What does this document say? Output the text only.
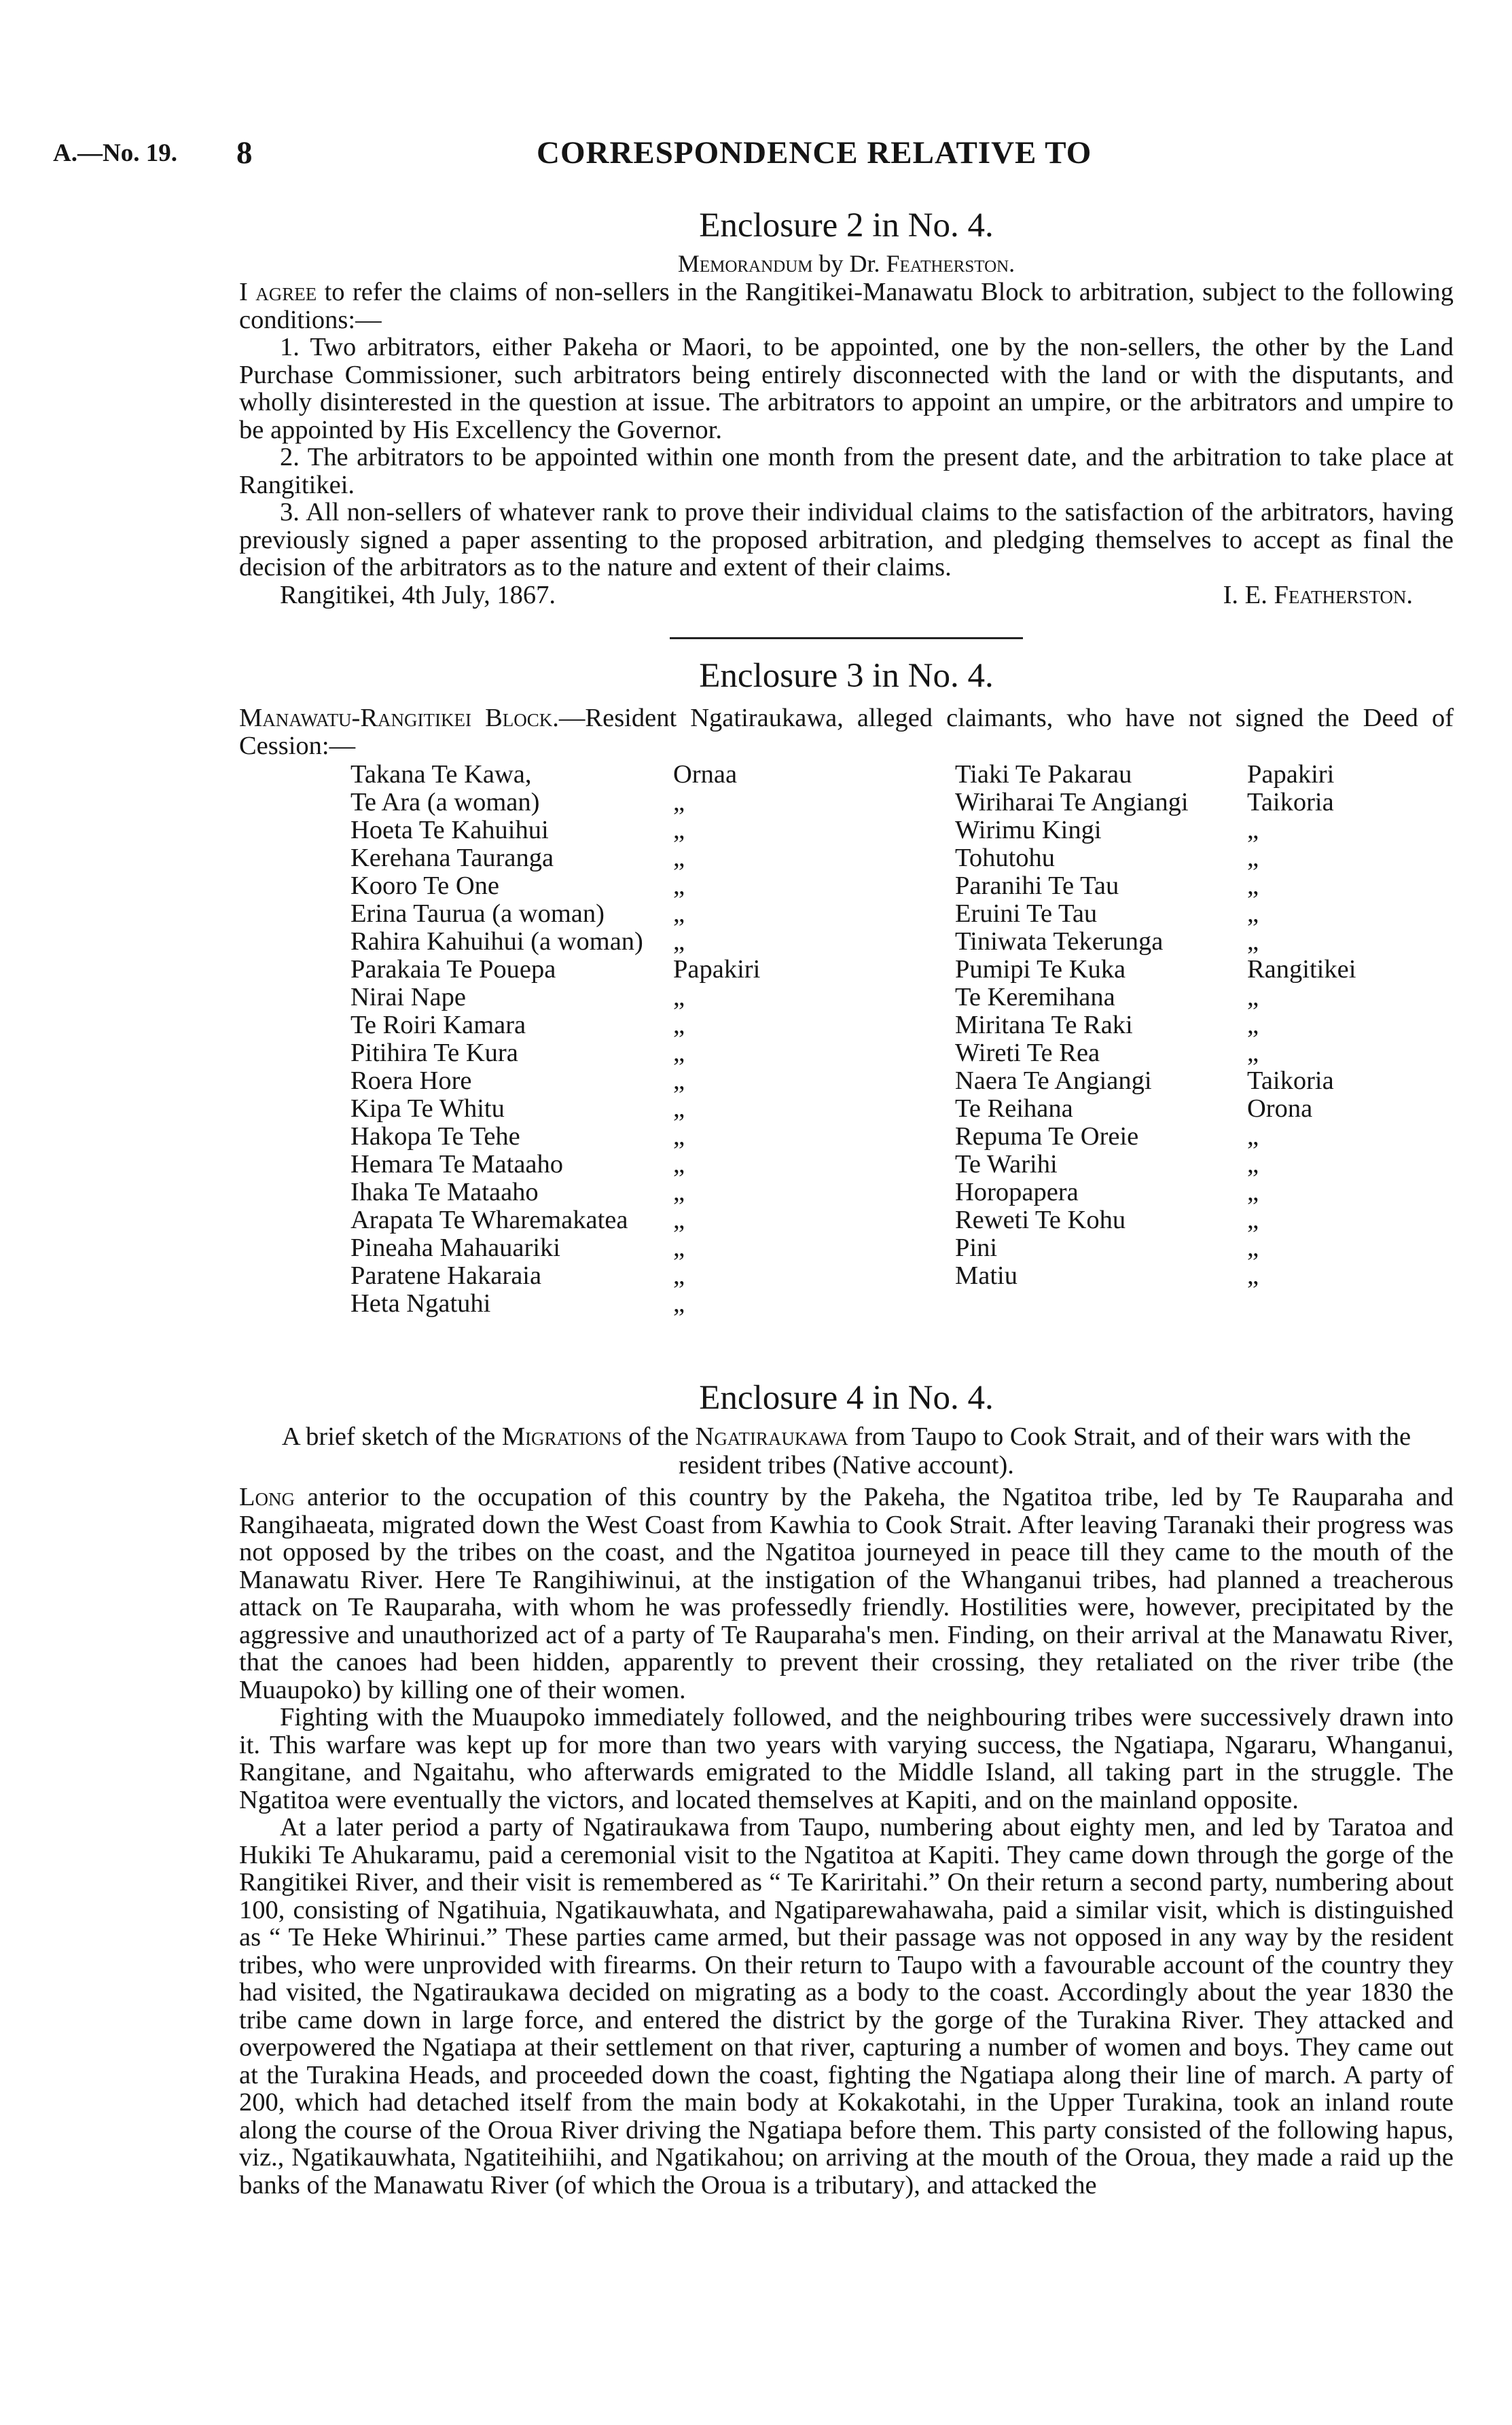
A.—No. 19. 8	CORRESPONDENCE RELATIVE TO
Enclosure 2 in No. 4.
Memorandum by Dr. Featherston.

I agree to refer the claims of non-sellers in the Rangitikei-Manawatu Block to arbitration, subject to the following conditions:—

1. Two arbitrators, either Pakeha or Maori, to be appointed, one by the non-sellers, the other by the Land Purchase Commissioner, such arbitrators being entirely disconnected with the land or with the disputants, and wholly disinterested in the question at issue. The arbitrators to appoint an umpire, or the arbitrators and umpire to be appointed by His Excellency the Governor.

2. The arbitrators to be appointed within one month from the present date, and the arbitration to take place at Rangitikei.

3. All non-sellers of whatever rank to prove their individual claims to the satisfaction of the arbitrators, having previously signed a paper assenting to the proposed arbitration, and pledging themselves to accept as final the decision of the arbitrators as to the nature and extent of their claims.

Rangitikei, 4th July, 1867.	I. E. Featherston.
Enclosure 3 in No. 4.

Manawatu-Rangitikei Block.—Resident Ngatiraukawa, alleged claimants, who have not signed the Deed of Cession:—

Takana Te Kawa,	Ornaa
Te Ara (a woman)	„
Hoeta Te Kahuihui	„
Kerehana Tauranga	„
Kooro Te One	„
Erina Taurua (a woman)	„
Rahira Kahuihui (a woman) „
Parakaia Te Pouepa	Papakiri
Nirai Nape	„
Te Roiri Kamara	„
Pitihira Te Kura	„
Roera Hore	„
Kipa Te Whitu	„
Hakopa Te Tehe	„
Hemara Te Mataaho	„
Ihaka Te Mataaho	„
Arapata Te Wharemakatea „
Pineaha Mahauariki	„
Paratene Hakaraia	„
Heta Ngatuhi	„
Tiaki Te Pakarau	Papakiri
Wiriharai Te Angiangi Taikoria
Wirimu Kingi	„
Tohutohu	„
Paranihi Te Tau	„
Eruini Te Tau	„
Tiniwata Tekerunga	„
Pumipi Te Kuka	Rangitikei
Te Keremihana	„
Miritana Te Raki	„
Wireti Te Rea	„
Naera Te Angiangi	Taikoria
Te Reihana	Orona
Repuma Te Oreie	„
Te Warihi	„
Horopapera	„
Reweti Te Kohu	„
Pini	„
Matiu	„
Enclosure 4 in No. 4.
A brief sketch of the Migrations of the Ngatiraukawa from Taupo to Cook Strait, and of their wars with the resident tribes (Native account).

Long anterior to the occupation of this country by the Pakeha, the Ngatitoa tribe, led by Te Rauparaha and Rangihaeata, migrated down the West Coast from Kawhia to Cook Strait. After leaving Taranaki their progress was not opposed by the tribes on the coast, and the Ngatitoa journeyed in peace till they came to the mouth of the Manawatu River. Here Te Rangihiwinui, at the instigation of the Whanganui tribes, had planned a treacherous attack on Te Rauparaha, with whom he was professedly friendly. Hostilities were, however, precipitated by the aggressive and unauthorized act of a party of Te Rauparaha's men. Finding, on their arrival at the Manawatu River, that the canoes had been hidden, apparently to prevent their crossing, they retaliated on the river tribe (the Muaupoko) by killing one of their women.

Fighting with the Muaupoko immediately followed, and the neighbouring tribes were successively drawn into it. This warfare was kept up for more than two years with varying success, the Ngatiapa, Ngararu, Whanganui, Rangitane, and Ngaitahu, who afterwards emigrated to the Middle Island, all taking part in the struggle. The Ngatitoa were eventually the victors, and located themselves at Kapiti, and on the mainland opposite.

At a later period a party of Ngatiraukawa from Taupo, numbering about eighty men, and led by Taratoa and Hukiki Te Ahukaramu, paid a ceremonial visit to the Ngatitoa at Kapiti. They came down through the gorge of the Rangitikei River, and their visit is remembered as “ Te Kariritahi.” On their return a second party, numbering about 100, consisting of Ngatihuia, Ngatikauwhata, and Ngatiparewahawaha, paid a similar visit, which is distinguished as “ Te Heke Whirinui.” These parties came armed, but their passage was not opposed in any way by the resident tribes, who were unprovided with firearms. On their return to Taupo with a favourable account of the country they had visited, the Ngatiraukawa decided on migrating as a body to the coast. Accordingly about the year 1830 the tribe came down in large force, and entered the district by the gorge of the Turakina River. They attacked and overpowered the Ngatiapa at their settlement on that river, capturing a number of women and boys. They came out at the Turakina Heads, and proceeded down the coast, fighting the Ngatiapa along their line of march. A party of 200, which had detached itself from the main body at Kokakotahi, in the Upper Turakina, took an inland route along the course of the Oroua River driving the Ngatiapa before them. This party consisted of the following hapus, viz., Ngatikauwhata, Ngatiteihiihi, and Ngatikahou; on arriving at the mouth of the Oroua, they made a raid up the banks of the Manawatu River (of which the Oroua is a tributary), and attacked the
